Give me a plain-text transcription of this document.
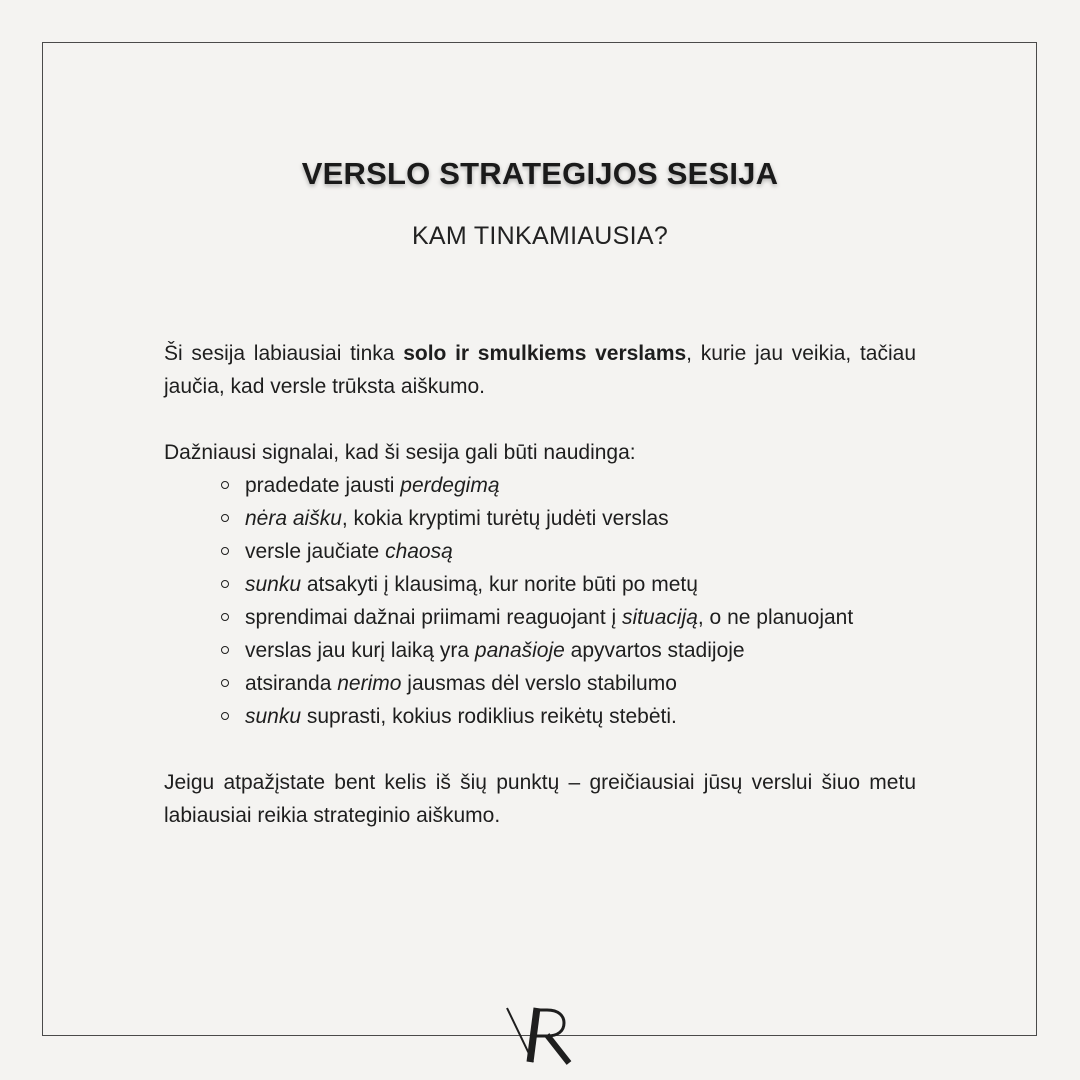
VERSLO STRATEGIJOS SESIJA
KAM TINKAMIAUSIA?

Ši sesija labiausiai tinka solo ir smulkiems verslams, kurie jau veikia, tačiau jaučia, kad versle trūksta aiškumo.

Dažniausi signalai, kad ši sesija gali būti naudinga:

pradedate jausti perdegimą
nėra aišku, kokia kryptimi turėtų judėti verslas
versle jaučiate chaosą
sunku atsakyti į klausimą, kur norite būti po metų
sprendimai dažnai priimami reaguojant į situaciją, o ne planuojant
verslas jau kurį laiką yra panašioje apyvartos stadijoje
atsiranda nerimo jausmas dėl verslo stabilumo
sunku suprasti, kokius rodiklius reikėtų stebėti.

Jeigu atpažįstate bent kelis iš šių punktų – greičiausiai jūsų verslui šiuo metu labiausiai reikia strateginio aiškumo.
